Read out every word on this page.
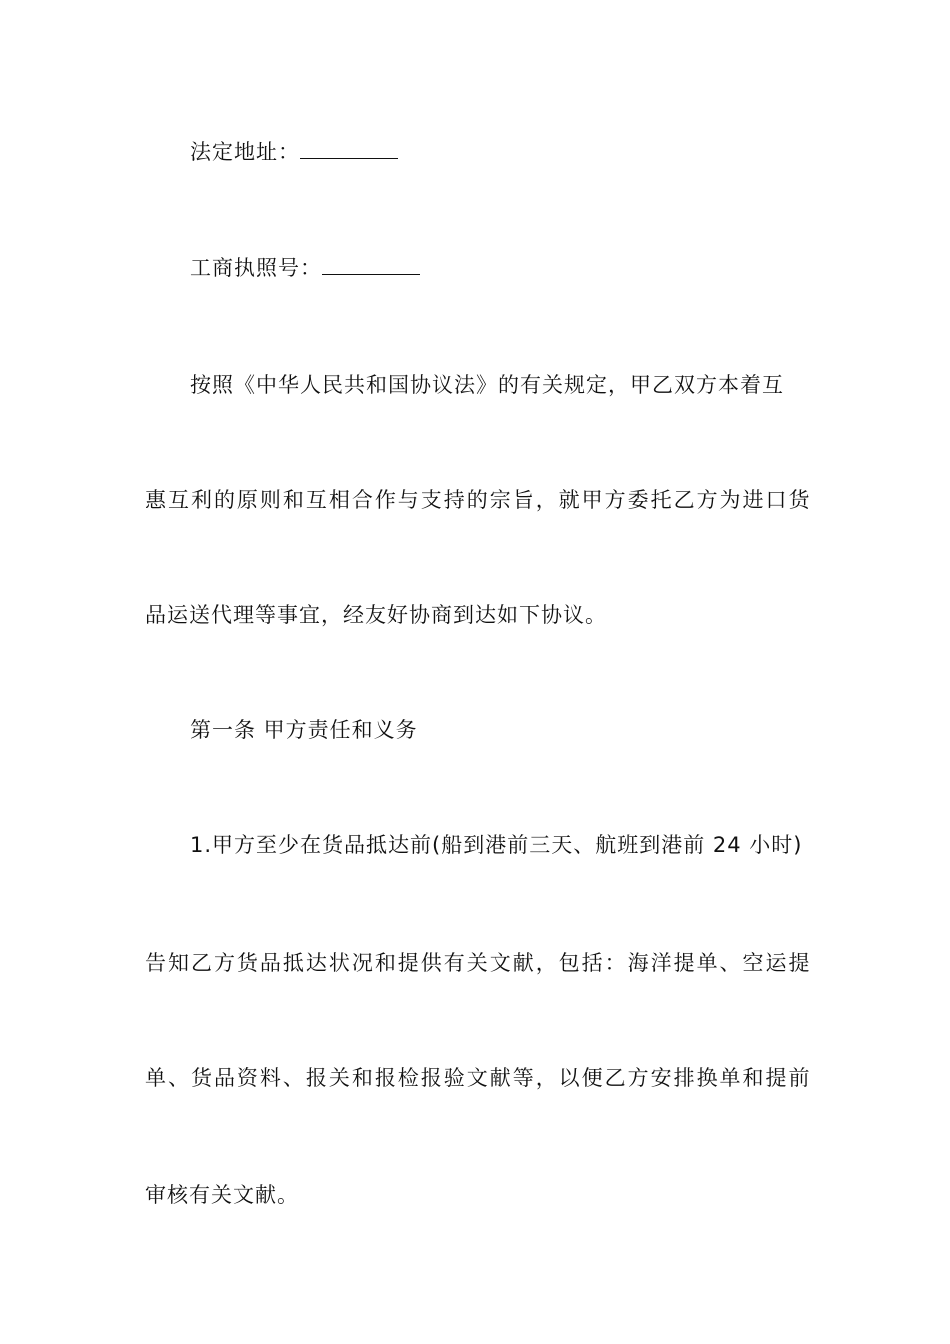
法定地址：
工商执照号：
按照《中华人民共和国协议法》的有关规定，甲乙双方本着互
惠互利的原则和互相合作与支持的宗旨，就甲方委托乙方为进口货
品运送代理等事宜，经友好协商到达如下协议。
第一条 甲方责任和义务
1.甲方至少在货品抵达前(船到港前三天、航班到港前 24 小时)
告知乙方货品抵达状况和提供有关文献，包括：海洋提单、空运提
单、货品资料、报关和报检报验文献等，以便乙方安排换单和提前
审核有关文献。
